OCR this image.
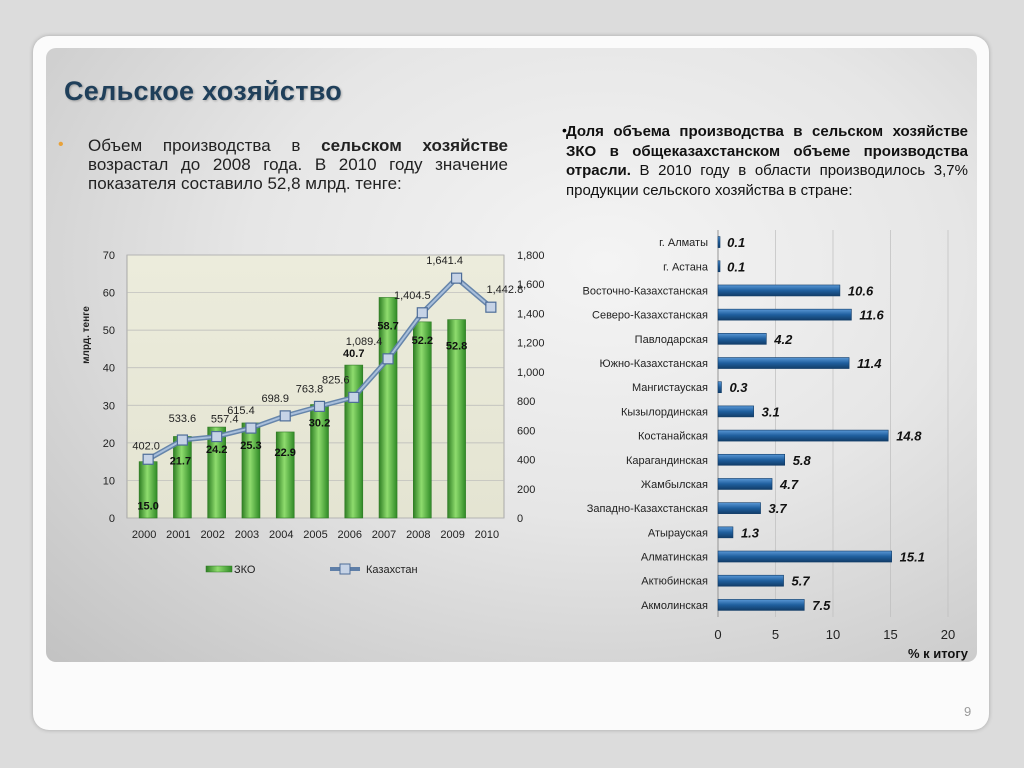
Сельское хозяйство
• Объем производства в сельском хозяйстве возрастал до 2008 года. В 2010 году значение показателя составило 52,8 млрд. тенге:
• Доля объема производства в сельском хозяйстве ЗКО в общеказахстанском объеме производства отрасли. В 2010 году в области производилось 3,7% продукции сельского хозяйства в стране:
0
10
20
30
40
50
60
70
0
200
400
600
800
1,000
1,200
1,400
1,600
1,800
млрд. тенге
402.0
533.6 557.4
615.4
698.9
763.8
825.6
1,089.4
1,404.5
1,641.4
1,442.8
15.0
21.7
24.2 25.3
22.9
30.2
40.7
58.7
52.2 52.8
2000 2001 2002 2003 2004 2005 2006 2007 2008 2009 2010
ЗКО	Казахстан
0	5	10	15	20
г. Алматы 0.1
г. Астана 0.1
Восточно-Казахстанская	10.6
Северо-Казахстанская	11.6
Павлодарская	4.2
Южно-Казахстанская	11.4
Мангистауская 0.3
Кызылординская	3.1
Костанайская	14.8
Карагандинская	5.8
Жамбылская	4.7
Западно-Казахстанская	3.7
Атырауская	1.3
Алматинская	15.1
Актюбинская	5.7
Акмолинская	7.5
% к итогу
9
